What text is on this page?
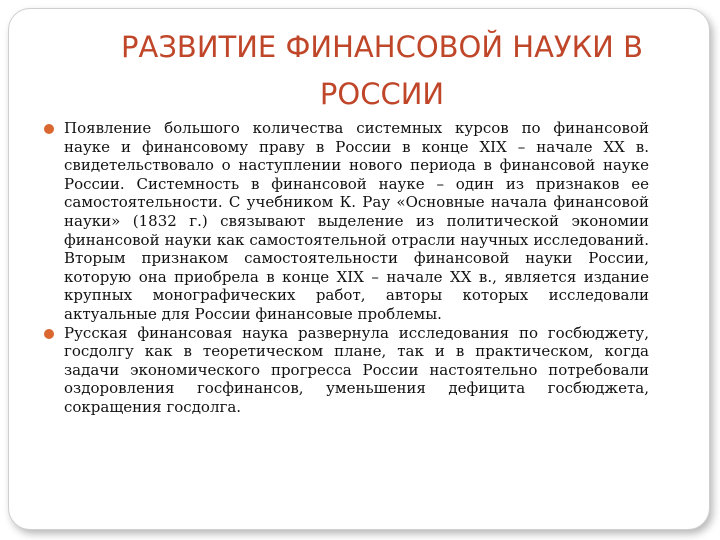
РАЗВИТИЕ ФИНАНСОВОЙ НАУКИ В РОССИИ
Появление большого количества системных курсов по финансовой науке и финансовому праву в России в конце XIX – начале XX в. свидетельствовало о наступлении нового периода в финансовой науке России. Системность в финансовой науке – один из признаков ее самостоятельности. С учебником К. Рау «Основные начала финансовой науки» (1832 г.) связывают выделение из политической экономии финансовой науки как самостоятельной отрасли научных исследований. Вторым признаком самостоятельности финансовой науки России, которую она приобрела в конце XIX – начале XX в., является издание крупных монографических работ, авторы которых исследовали актуальные для России финансовые проблемы.
Русская финансовая наука развернула исследования по госбюджету, госдолгу как в теоретическом плане, так и в практическом, когда задачи экономического прогресса России настоятельно потребовали оздоровления госфинансов, уменьшения дефицита госбюджета, сокращения госдолга.
